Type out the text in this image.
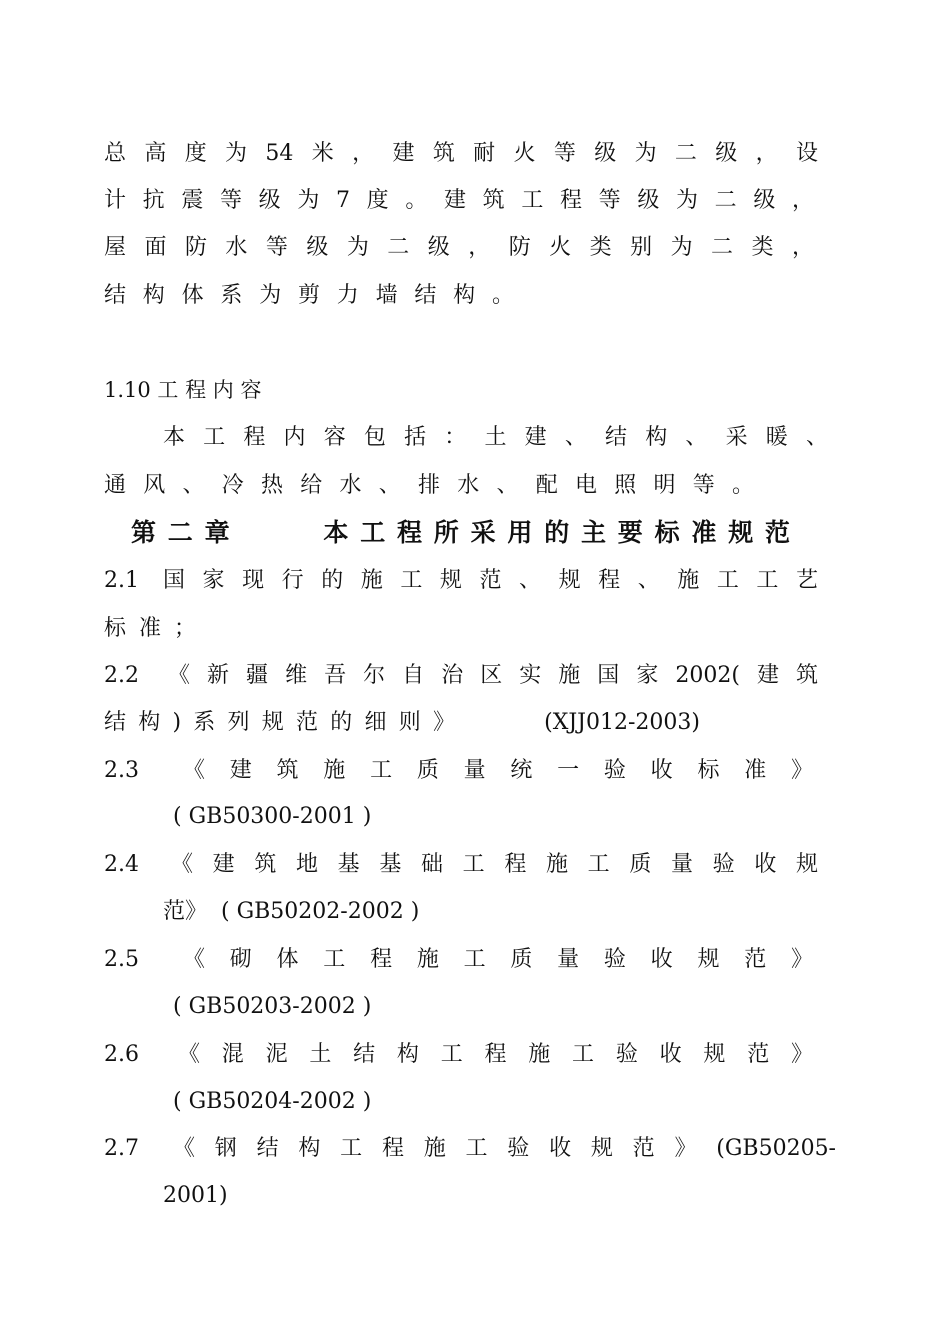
总高度为54米，建筑耐火等级为二级，设

计抗震等级为7度。建筑工程等级为二级，

屋面防水等级为二级，防火类别为二类，

结构体系为剪力墙结构。

1.10 工 程 内 容

本工程内容包括：土建、结构、采暖、

通风、冷热给水、排水、配电照明等。

第二章    本工程所采用的主要标准规范

2.1 国家现行的施工规范、规程、施工工艺

标准；

2.2 《新疆维吾尔自治区实施国家2002(建筑

结构)系列规范的细则》    (XJJ012-2003)

2.3 《建筑施工质量统一验收标准》

( GB50300-2001 )

2.4 《建筑地基基础工程施工质量验收规

范》  ( GB50202-2002 )

2.5 《砌体工程施工质量验收规范》

( GB50203-2002 )

2.6 《混泥土结构工程施工验收规范》

( GB50204-2002 )

2.7 《钢结构工程施工验收规范》(GB50205-

2001)
